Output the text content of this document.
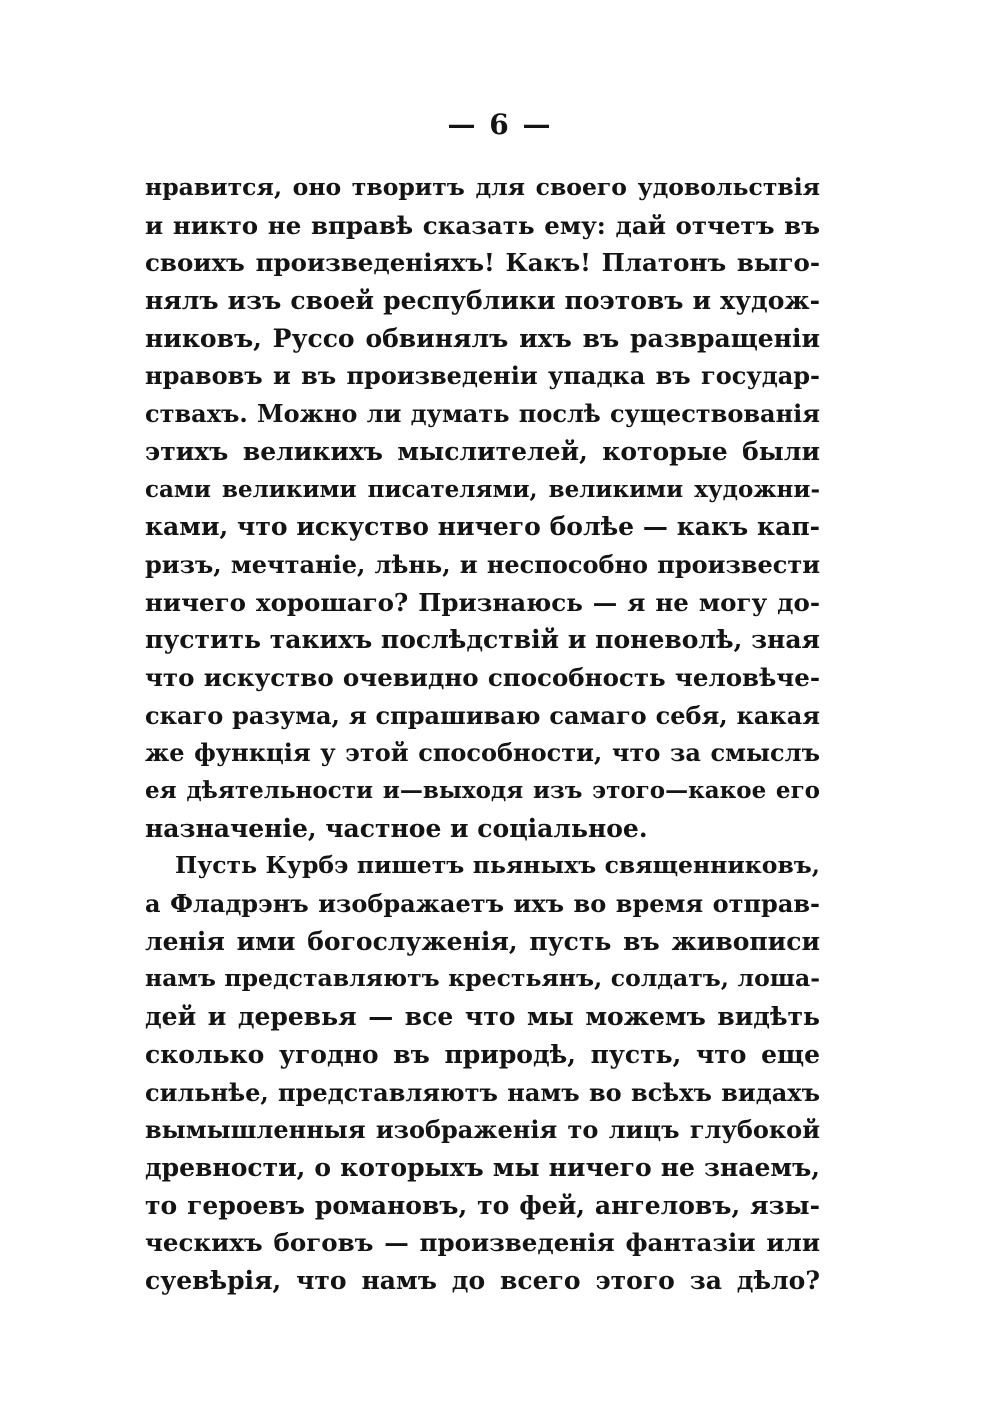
— 6 —
нравится, оно творитъ для своего удовольствія
и никто не вправѣ сказать ему: дай отчетъ въ
своихъ произведеніяхъ! Какъ! Платонъ выго-
нялъ изъ своей республики поэтовъ и худож-
никовъ, Руссо обвинялъ ихъ въ развращеніи
нравовъ и въ произведеніи упадка въ государ-
ствахъ. Можно ли думать послѣ существованія
этихъ великихъ мыслителей, которые были
сами великими писателями, великими художни-
ками, что искуство ничего болѣе — какъ кап-
ризъ, мечтаніе, лѣнь, и неспособно произвести
ничего хорошаго? Признаюсь — я не могу до-
пустить такихъ послѣдствій и поневолѣ, зная
что искуство очевидно способность человѣче-
скаго разума, я спрашиваю самаго себя, какая
же функція у этой способности, что за смыслъ
ея дѣятельности и—выходя изъ этого—какое его
назначеніе, частное и соціальное.
Пусть Курбэ пишетъ пьяныхъ священниковъ,
а Фладрэнъ изображаетъ ихъ во время отправ-
ленія ими богослуженія, пусть въ живописи
намъ представляютъ крестьянъ, солдатъ, лоша-
дей и деревья — все что мы можемъ видѣть
сколько угодно въ природѣ, пусть, что еще
сильнѣе, представляютъ намъ во всѣхъ видахъ
вымышленныя изображенія то лицъ глубокой
древности, о которыхъ мы ничего не знаемъ,
то героевъ романовъ, то фей, ангеловъ, язы-
ческихъ боговъ — произведенія фантазіи или
суевѣрія, что намъ до всего этого за дѣло?
